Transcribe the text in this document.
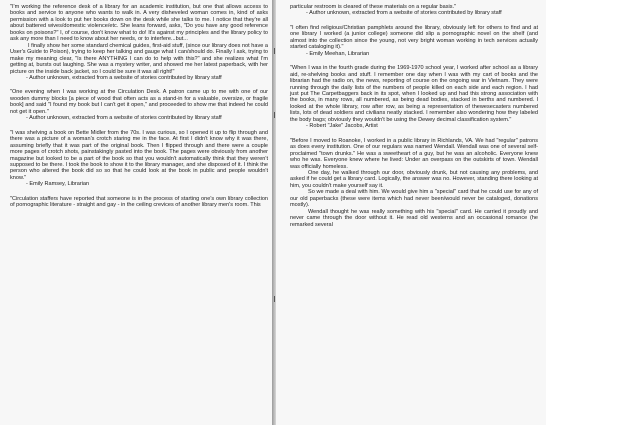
"I'm working the reference desk of a library for an academic institution, but one that allows access to books and service to anyone who wants to walk in. A very disheveled woman comes in, kind of asks permission with a look to put her books down on the desk while she talks to me. I notice that they're all about battered wives/domestic violence/etc. She leans forward, asks, "Do you have any good reference books on poisons?" I, of course, don't know what to do! It's against my principles and the library policy to ask any more than I need to know about her needs, or to interfere...but...

I finally show her some standard chemical guides, first-aid stuff, (since our library does not have a User's Guide to Poison), trying to keep her talking and gauge what I can/should do. Finally I ask, trying to make my meaning clear, "Is there ANYTHING I can do to help with this?" and she realizes what I'm getting at, bursts out laughing. She was a mystery writer, and showed me her latest paperback, with her picture on the inside back jacket, so I could be sure it was all right!"

- Author unknown, extracted from a website of stories contributed by library staff

"One evening when I was working at the Circulation Desk. A patron came up to me with one of our wooden dummy blocks [a piece of wood that often acts as a stand-in for a valuable, oversize, or fragile book] and said "I found my book but I can't get it open," and proceeded to show me that indeed he could not get it open."

- Author unknown, extracted from a website of stories contributed by library staff

"I was shelving a book on Bette Midler from the 70s. I was curious, so I opened it up to flip through and there was a picture of a woman's crotch staring me in the face. At first I didn't know why it was there, assuming briefly that it was part of the original book. Then I flipped through and there were a couple more pages of crotch shots, painstakingly pasted into the book. The pages were obviously from another magazine but looked to be a part of the book so that you wouldn't automatically think that they weren't supposed to be there. I took the book to show it to the library manager, and she disposed of it. I think the person who altered the book did so so that he could look at the book in public and people wouldn't know."

- Emily Ramsey, Librarian

"Circulation staffers have reported that someone is in the process of starting one's own library collection of pornographic literature - straight and gay - in the ceiling crevices of another library men's room. This

particular restroom is cleared of these materials on a regular basis."

- Author unknown, extracted from a website of stories contributed by library staff

"I often find religious/Christian pamphlets around the library, obviously left for others to find and at one library I worked (a junior college) someone did slip a pornographic novel on the shelf (and almost into the collection since the young, not very bright woman working in tech services actually started cataloging it)."

- Emily Meehan, Librarian

"When I was in the fourth grade during the 1969-1970 school year, I worked after school as a library aid, re-shelving books and stuff. I remember one day when I was with my cart of books and the librarian had the radio on, the news, reporting of course on the ongoing war in Vietnam. They were running through the daily lists of the numbers of people killed on each side and each region. I had just put The Carpetbaggers back in its spot, when I looked up and had this strong association with the books, in many rows, all numbered, as being dead bodies, stacked in berths and numbered. I looked at the whole library, row after row, as being a representation of thewesecasters numbered lists, lots of dead soldiers and civilians neatly stacked. I remember also wondering how they labeled the body bags; obviously they wouldn't be using the Dewey decimal classification system."

- Robert "Jake" Jacobs, Artist

"Before I moved to Roanoke, I worked in a public library in Richlands, VA. We had "regular" patrons as does every institution. One of our regulars was named Wendall. Wendall was one of several self-proclaimed "town drunks." He was a sweetheart of a guy, but he was an alcoholic. Everyone knew who he was. Everyone knew where he lived: Under an overpass on the outskirts of town. Wendall was officially homeless.

One day, he walked through our door, obviously drunk, but not causing any problems, and asked if he could get a library card. Logically, the answer was no. However, standing there looking at him, you couldn't make yourself say it.

So we made a deal with him. We would give him a "special" card that he could use for any of our old paperbacks (these were items which had never been/would never be cataloged, donations mostly).

Wendall thought he was really something with his "special" card. He carried it proudly and never came through the door without it. He read old westerns and an occasional romance (he remarked several
